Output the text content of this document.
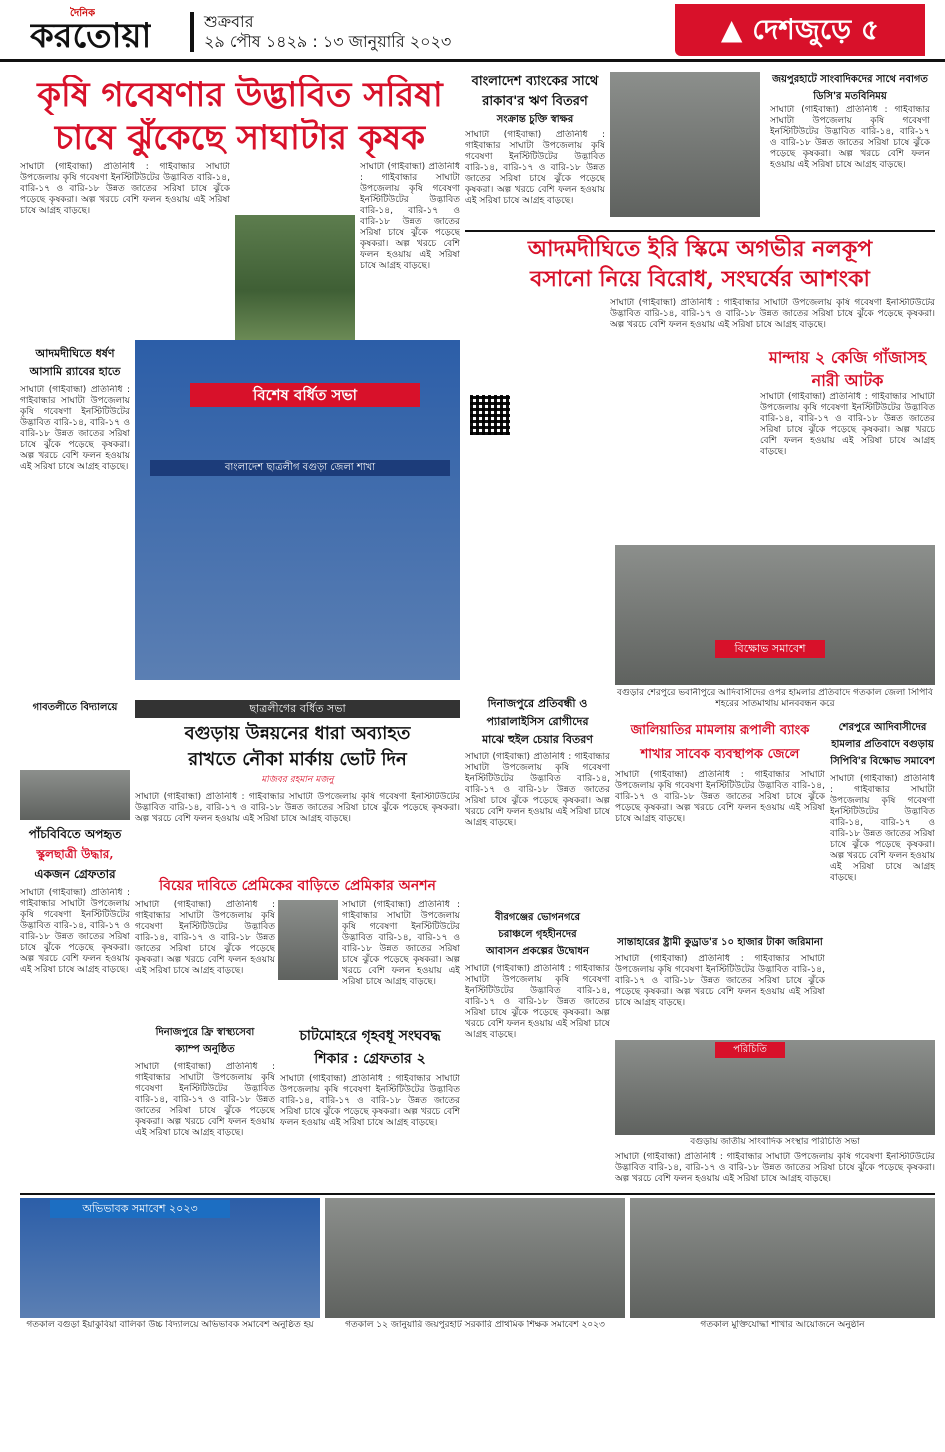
দৈনিক
করতোয়া	শুক্রবার
২৯ পৌষ ১৪২৯ : ১৩ জানুয়ারি ২০২৩	▲ দেশজুড়ে ৫
কৃষি গবেষণার উদ্ভাবিত সরিষা
চাষে ঝুঁকেছে সাঘাটার কৃষক
সাঘাটা (গাইবান্ধা) প্রতিনিধি : গাইবান্ধার সাঘাটা উপজেলায় কৃষি গবেষণা ইনস্টিটিউটের উদ্ভাবিত বারি-১৪, বারি-১৭ ও বারি-১৮ উন্নত জাতের সরিষা চাষে ঝুঁকে পড়েছে কৃষকরা। অল্প খরচে বেশি ফলন হওয়ায় এই সরিষা চাষে আগ্রহ বাড়ছে।
সাঘাটা (গাইবান্ধা) প্রতিনিধি : গাইবান্ধার সাঘাটা উপজেলায় কৃষি গবেষণা ইনস্টিটিউটের উদ্ভাবিত বারি-১৪, বারি-১৭ ও বারি-১৮ উন্নত জাতের সরিষা চাষে ঝুঁকে পড়েছে কৃষকরা। অল্প খরচে বেশি ফলন হওয়ায় এই সরিষা চাষে আগ্রহ বাড়ছে।
বাংলাদেশ ব্যাংকের সাথে
রাকাব'র ঋণ বিতরণ
সংক্রান্ত চুক্তি স্বাক্ষর
সাঘাটা (গাইবান্ধা) প্রতিনিধি : গাইবান্ধার সাঘাটা উপজেলায় কৃষি গবেষণা ইনস্টিটিউটের উদ্ভাবিত বারি-১৪, বারি-১৭ ও বারি-১৮ উন্নত জাতের সরিষা চাষে ঝুঁকে পড়েছে কৃষকরা। অল্প খরচে বেশি ফলন হওয়ায় এই সরিষা চাষে আগ্রহ বাড়ছে।
জয়পুরহাটে সাংবাদিকদের সাথে নবাগত ডিসি'র মতবিনিময়
সাঘাটা (গাইবান্ধা) প্রতিনিধি : গাইবান্ধার সাঘাটা উপজেলায় কৃষি গবেষণা ইনস্টিটিউটের উদ্ভাবিত বারি-১৪, বারি-১৭ ও বারি-১৮ উন্নত জাতের সরিষা চাষে ঝুঁকে পড়েছে কৃষকরা। অল্প খরচে বেশি ফলন হওয়ায় এই সরিষা চাষে আগ্রহ বাড়ছে।
আদমদীঘিতে ইরি স্কিমে অগভীর নলকূপ
বসানো নিয়ে বিরোধ, সংঘর্ষের আশংকা
সাঘাটা (গাইবান্ধা) প্রতিনিধি : গাইবান্ধার সাঘাটা উপজেলায় কৃষি গবেষণা ইনস্টিটিউটের উদ্ভাবিত বারি-১৪, বারি-১৭ ও বারি-১৮ উন্নত জাতের সরিষা চাষে ঝুঁকে পড়েছে কৃষকরা। অল্প খরচে বেশি ফলন হওয়ায় এই সরিষা চাষে আগ্রহ বাড়ছে।
মান্দায় ২ কেজি গাঁজাসহ
নারী আটক
সাঘাটা (গাইবান্ধা) প্রতিনিধি : গাইবান্ধার সাঘাটা উপজেলায় কৃষি গবেষণা ইনস্টিটিউটের উদ্ভাবিত বারি-১৪, বারি-১৭ ও বারি-১৮ উন্নত জাতের সরিষা চাষে ঝুঁকে পড়েছে কৃষকরা। অল্প খরচে বেশি ফলন হওয়ায় এই সরিষা চাষে আগ্রহ বাড়ছে।
আদমদীঘিতে ধর্ষণ
আসামি র‌্যাবের হাতে
সাঘাটা (গাইবান্ধা) প্রতিনিধি : গাইবান্ধার সাঘাটা উপজেলায় কৃষি গবেষণা ইনস্টিটিউটের উদ্ভাবিত বারি-১৪, বারি-১৭ ও বারি-১৮ উন্নত জাতের সরিষা চাষে ঝুঁকে পড়েছে কৃষকরা। অল্প খরচে বেশি ফলন হওয়ায় এই সরিষা চাষে আগ্রহ বাড়ছে।
বিশেষ বর্ধিত সভা
বাংলাদেশ ছাত্রলীগ বগুড়া জেলা শাখা
ছাত্রলীগের বর্ধিত সভা
বগুড়ায় উন্নয়নের ধারা অব্যাহত
রাখতে নৌকা মার্কায় ভোট দিন
মজিবর রহমান মজনু
সাঘাটা (গাইবান্ধা) প্রতিনিধি : গাইবান্ধার সাঘাটা উপজেলায় কৃষি গবেষণা ইনস্টিটিউটের উদ্ভাবিত বারি-১৪, বারি-১৭ ও বারি-১৮ উন্নত জাতের সরিষা চাষে ঝুঁকে পড়েছে কৃষকরা। অল্প খরচে বেশি ফলন হওয়ায় এই সরিষা চাষে আগ্রহ বাড়ছে।
গাবতলীতে বিদ্যালয়ে
পাঁচবিবিতে অপহৃত
স্কুলছাত্রী উদ্ধার,
একজন গ্রেফতার
সাঘাটা (গাইবান্ধা) প্রতিনিধি : গাইবান্ধার সাঘাটা উপজেলায় কৃষি গবেষণা ইনস্টিটিউটের উদ্ভাবিত বারি-১৪, বারি-১৭ ও বারি-১৮ উন্নত জাতের সরিষা চাষে ঝুঁকে পড়েছে কৃষকরা। অল্প খরচে বেশি ফলন হওয়ায় এই সরিষা চাষে আগ্রহ বাড়ছে।
বিক্ষোভ সমাবেশ
বগুড়ার শেরপুরে ভবানীপুরে আদিবাসীদের ওপর হামলার প্রতিবাদে গতকাল জেলা সিপিবি শহরের সাতমাথায় মানববন্ধন করে
দিনাজপুরে প্রতিবন্ধী ও
প্যারালাইসিস রোগীদের
মাঝে হুইল চেয়ার বিতরণ
সাঘাটা (গাইবান্ধা) প্রতিনিধি : গাইবান্ধার সাঘাটা উপজেলায় কৃষি গবেষণা ইনস্টিটিউটের উদ্ভাবিত বারি-১৪, বারি-১৭ ও বারি-১৮ উন্নত জাতের সরিষা চাষে ঝুঁকে পড়েছে কৃষকরা। অল্প খরচে বেশি ফলন হওয়ায় এই সরিষা চাষে আগ্রহ বাড়ছে।
জালিয়াতির মামলায় রূপালী ব্যাংক
শাখার সাবেক ব্যবস্থাপক জেলে
সাঘাটা (গাইবান্ধা) প্রতিনিধি : গাইবান্ধার সাঘাটা উপজেলায় কৃষি গবেষণা ইনস্টিটিউটের উদ্ভাবিত বারি-১৪, বারি-১৭ ও বারি-১৮ উন্নত জাতের সরিষা চাষে ঝুঁকে পড়েছে কৃষকরা। অল্প খরচে বেশি ফলন হওয়ায় এই সরিষা চাষে আগ্রহ বাড়ছে।
শেরপুরে আদিবাসীদের
হামলার প্রতিবাদে বগুড়ায়
সিপিবি'র বিক্ষোভ সমাবেশ
সাঘাটা (গাইবান্ধা) প্রতিনিধি : গাইবান্ধার সাঘাটা উপজেলায় কৃষি গবেষণা ইনস্টিটিউটের উদ্ভাবিত বারি-১৪, বারি-১৭ ও বারি-১৮ উন্নত জাতের সরিষা চাষে ঝুঁকে পড়েছে কৃষকরা। অল্প খরচে বেশি ফলন হওয়ায় এই সরিষা চাষে আগ্রহ বাড়ছে।
বিয়ের দাবিতে প্রেমিকের বাড়িতে প্রেমিকার অনশন
সাঘাটা (গাইবান্ধা) প্রতিনিধি : গাইবান্ধার সাঘাটা উপজেলায় কৃষি গবেষণা ইনস্টিটিউটের উদ্ভাবিত বারি-১৪, বারি-১৭ ও বারি-১৮ উন্নত জাতের সরিষা চাষে ঝুঁকে পড়েছে কৃষকরা। অল্প খরচে বেশি ফলন হওয়ায় এই সরিষা চাষে আগ্রহ বাড়ছে।
সাঘাটা (গাইবান্ধা) প্রতিনিধি : গাইবান্ধার সাঘাটা উপজেলায় কৃষি গবেষণা ইনস্টিটিউটের উদ্ভাবিত বারি-১৪, বারি-১৭ ও বারি-১৮ উন্নত জাতের সরিষা চাষে ঝুঁকে পড়েছে কৃষকরা। অল্প খরচে বেশি ফলন হওয়ায় এই সরিষা চাষে আগ্রহ বাড়ছে।
বীরগঞ্জের ভোগনগরে
চরাঞ্চলে গৃহহীনদের
আবাসন প্রকল্পের উদ্বোধন
সাঘাটা (গাইবান্ধা) প্রতিনিধি : গাইবান্ধার সাঘাটা উপজেলায় কৃষি গবেষণা ইনস্টিটিউটের উদ্ভাবিত বারি-১৪, বারি-১৭ ও বারি-১৮ উন্নত জাতের সরিষা চাষে ঝুঁকে পড়েছে কৃষকরা। অল্প খরচে বেশি ফলন হওয়ায় এই সরিষা চাষে আগ্রহ বাড়ছে।
সান্তাহারের ষ্ট্রামী কুড্রাড'র ১০ হাজার টাকা জরিমানা
সাঘাটা (গাইবান্ধা) প্রতিনিধি : গাইবান্ধার সাঘাটা উপজেলায় কৃষি গবেষণা ইনস্টিটিউটের উদ্ভাবিত বারি-১৪, বারি-১৭ ও বারি-১৮ উন্নত জাতের সরিষা চাষে ঝুঁকে পড়েছে কৃষকরা। অল্প খরচে বেশি ফলন হওয়ায় এই সরিষা চাষে আগ্রহ বাড়ছে।
চাটমোহরে গৃহবধূ সংঘবদ্ধ
শিকার : গ্রেফতার ২
সাঘাটা (গাইবান্ধা) প্রতিনিধি : গাইবান্ধার সাঘাটা উপজেলায় কৃষি গবেষণা ইনস্টিটিউটের উদ্ভাবিত বারি-১৪, বারি-১৭ ও বারি-১৮ উন্নত জাতের সরিষা চাষে ঝুঁকে পড়েছে কৃষকরা। অল্প খরচে বেশি ফলন হওয়ায় এই সরিষা চাষে আগ্রহ বাড়ছে।
দিনাজপুরে ফ্রি স্বাস্থ্যসেবা
ক্যাম্প অনুষ্ঠিত
সাঘাটা (গাইবান্ধা) প্রতিনিধি : গাইবান্ধার সাঘাটা উপজেলায় কৃষি গবেষণা ইনস্টিটিউটের উদ্ভাবিত বারি-১৪, বারি-১৭ ও বারি-১৮ উন্নত জাতের সরিষা চাষে ঝুঁকে পড়েছে কৃষকরা। অল্প খরচে বেশি ফলন হওয়ায় এই সরিষা চাষে আগ্রহ বাড়ছে।
পরিচিতি
বগুড়ায় জাতীয় সাংবাদিক সংস্থার পরিচিতি সভা
সাঘাটা (গাইবান্ধা) প্রতিনিধি : গাইবান্ধার সাঘাটা উপজেলায় কৃষি গবেষণা ইনস্টিটিউটের উদ্ভাবিত বারি-১৪, বারি-১৭ ও বারি-১৮ উন্নত জাতের সরিষা চাষে ঝুঁকে পড়েছে কৃষকরা। অল্প খরচে বেশি ফলন হওয়ায় এই সরিষা চাষে আগ্রহ বাড়ছে।
অভিভাবক সমাবেশ ২০২৩
গতকাল বগুড়া ইয়াকুবিয়া বালিকা উচ্চ বিদ্যালয়ে অভিভাবক সমাবেশ অনুষ্ঠিত হয়	গতকাল ১২ জানুয়ারি জয়পুরহাট সরকারি প্রাথমিক শিক্ষক সমাবেশ ২০২৩	গতকাল মুক্তিযোদ্ধা শাখার আয়োজনে অনুষ্ঠান
